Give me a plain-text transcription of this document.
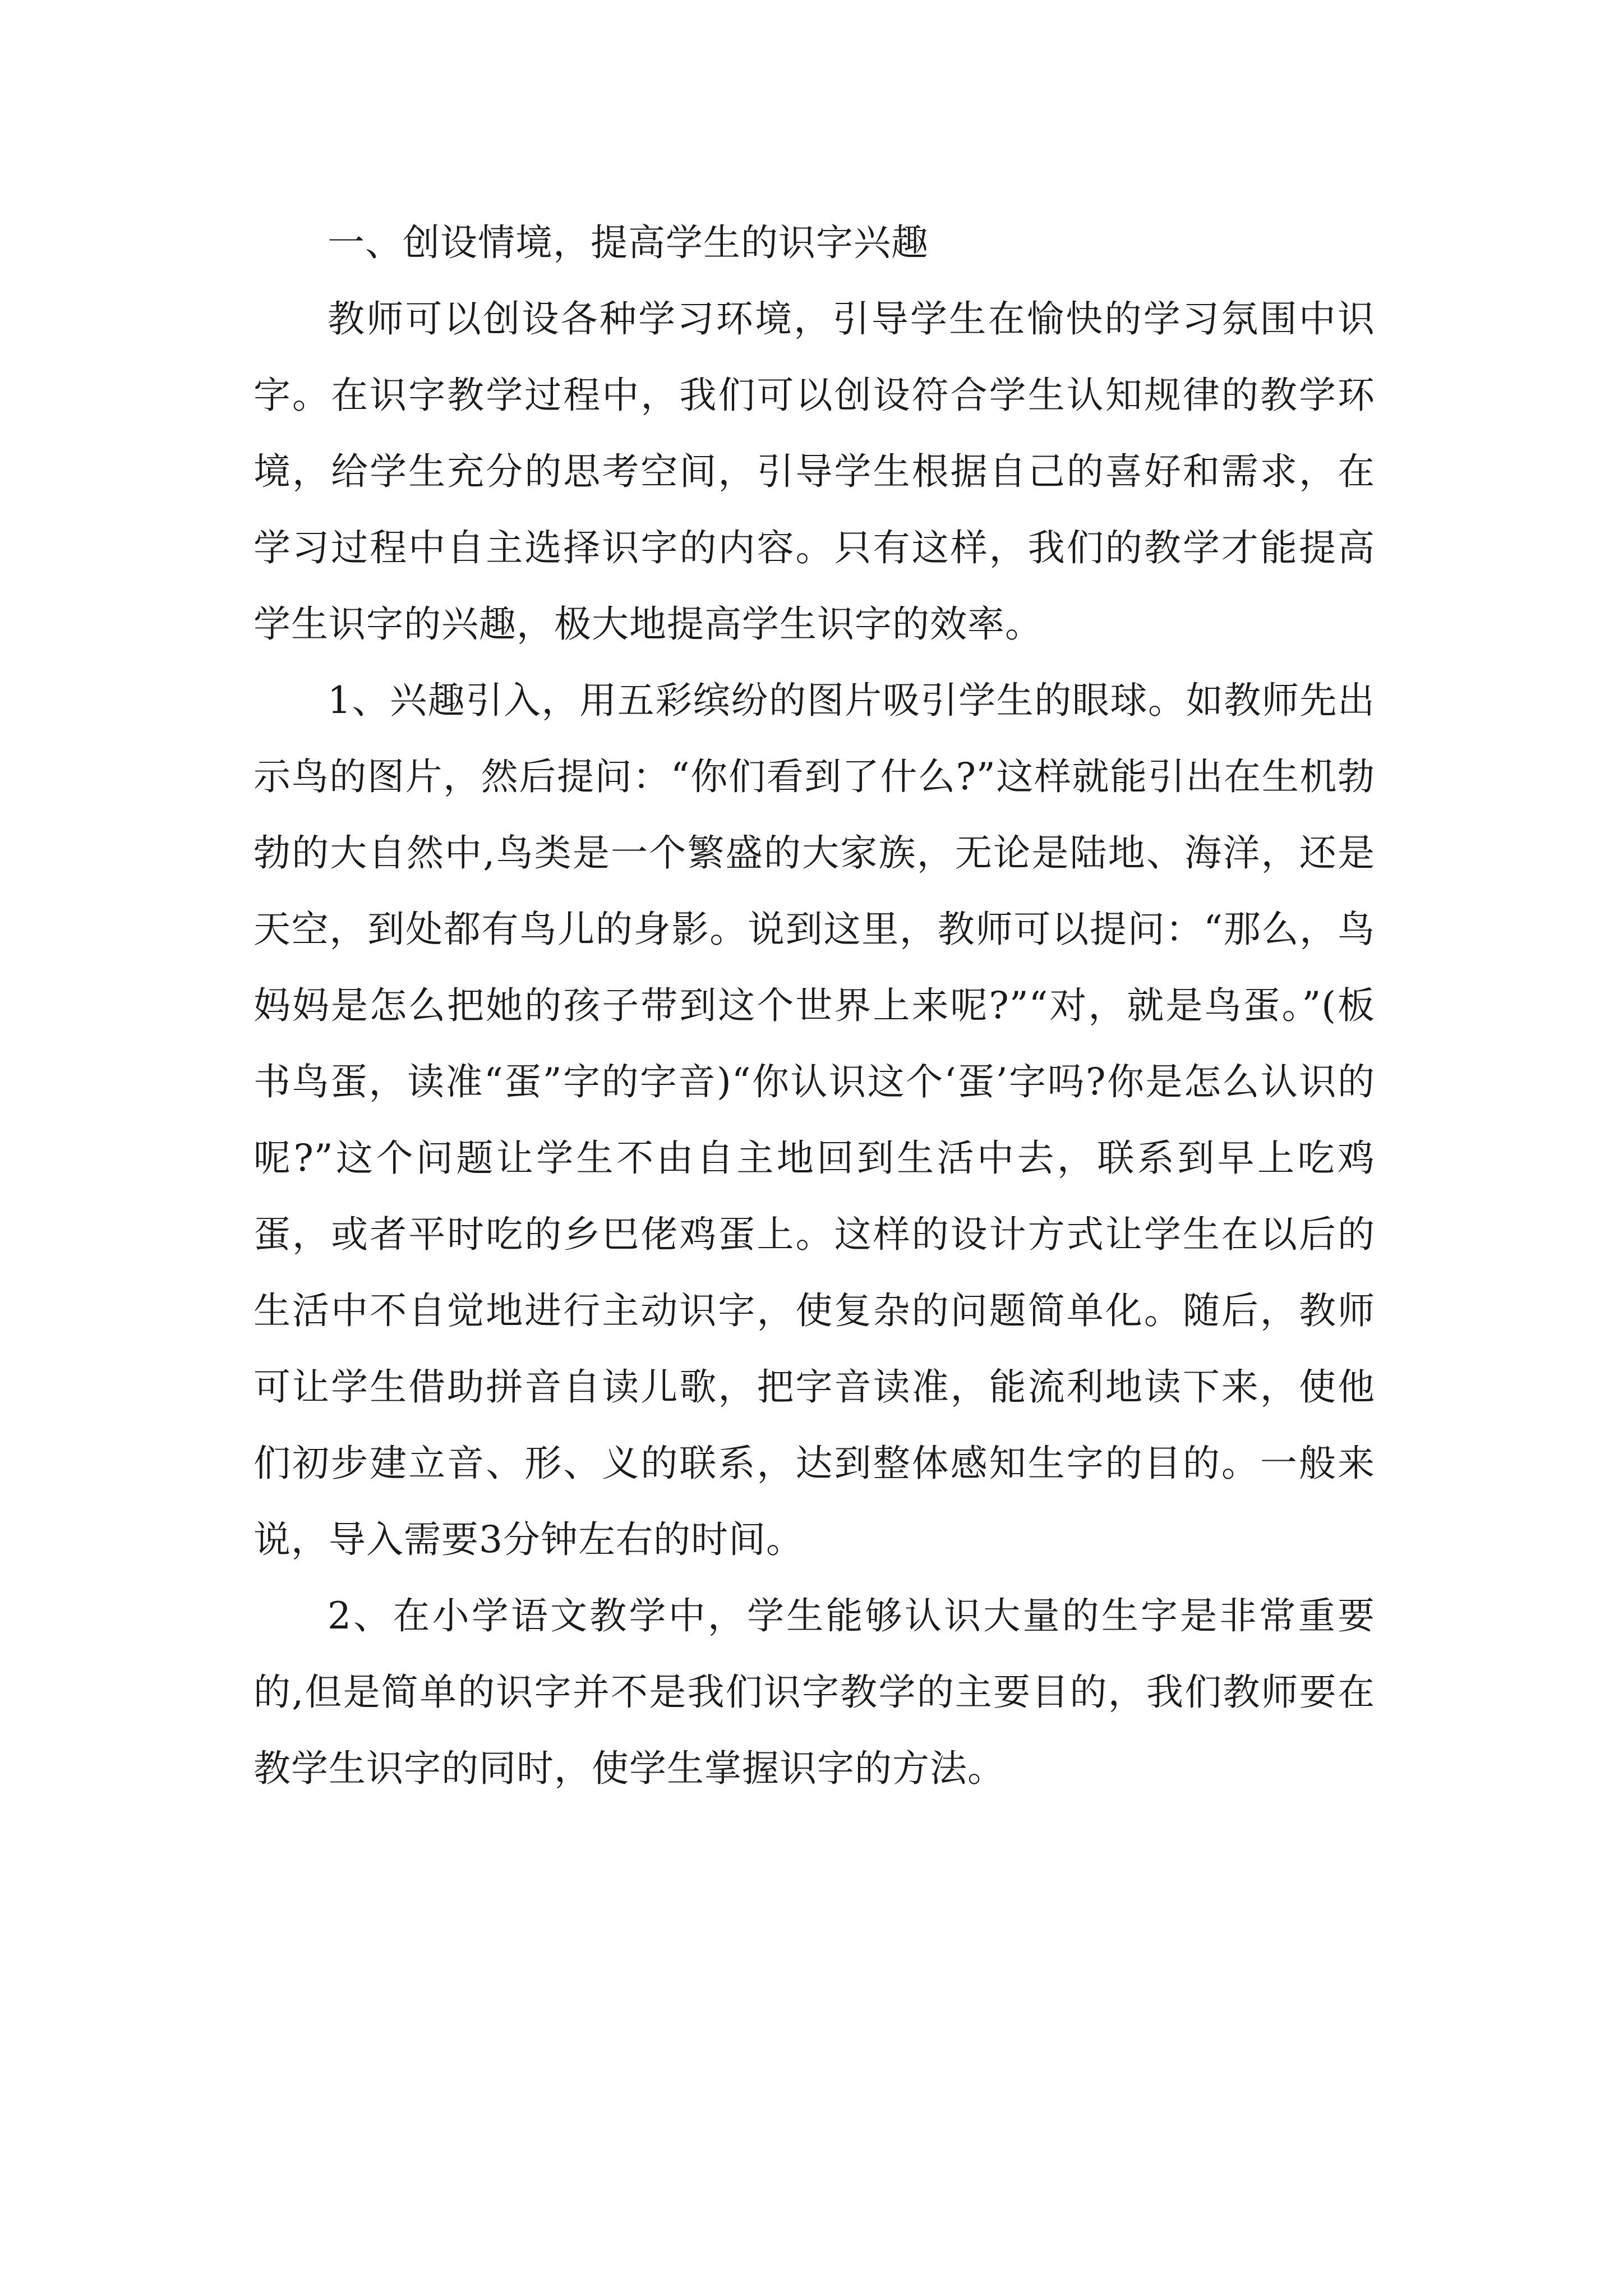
一、创设情境，提高学生的识字兴趣

教师可以创设各种学习环境，引导学生在愉快的学习氛围中识字。在识字教学过程中，我们可以创设符合学生认知规律的教学环境，给学生充分的思考空间，引导学生根据自己的喜好和需求，在学习过程中自主选择识字的内容。只有这样，我们的教学才能提高学生识字的兴趣，极大地提高学生识字的效率。

1、兴趣引入，用五彩缤纷的图片吸引学生的眼球。如教师先出示鸟的图片，然后提问：“你们看到了什么?”这样就能引出在生机勃勃的大自然中,鸟类是一个繁盛的大家族，无论是陆地、海洋，还是天空，到处都有鸟儿的身影。说到这里，教师可以提问：“那么，鸟妈妈是怎么把她的孩子带到这个世界上来呢?”“对，就是鸟蛋。”(板书鸟蛋，读准“蛋”字的字音)“你认识这个‘蛋’字吗?你是怎么认识的呢?”这个问题让学生不由自主地回到生活中去，联系到早上吃鸡蛋，或者平时吃的乡巴佬鸡蛋上。这样的设计方式让学生在以后的生活中不自觉地进行主动识字，使复杂的问题简单化。随后，教师可让学生借助拼音自读儿歌，把字音读准，能流利地读下来，使他们初步建立音、形、义的联系，达到整体感知生字的目的。一般来说，导入需要3分钟左右的时间。

2、在小学语文教学中，学生能够认识大量的生字是非常重要的,但是简单的识字并不是我们识字教学的主要目的，我们教师要在教学生识字的同时，使学生掌握识字的方法。
